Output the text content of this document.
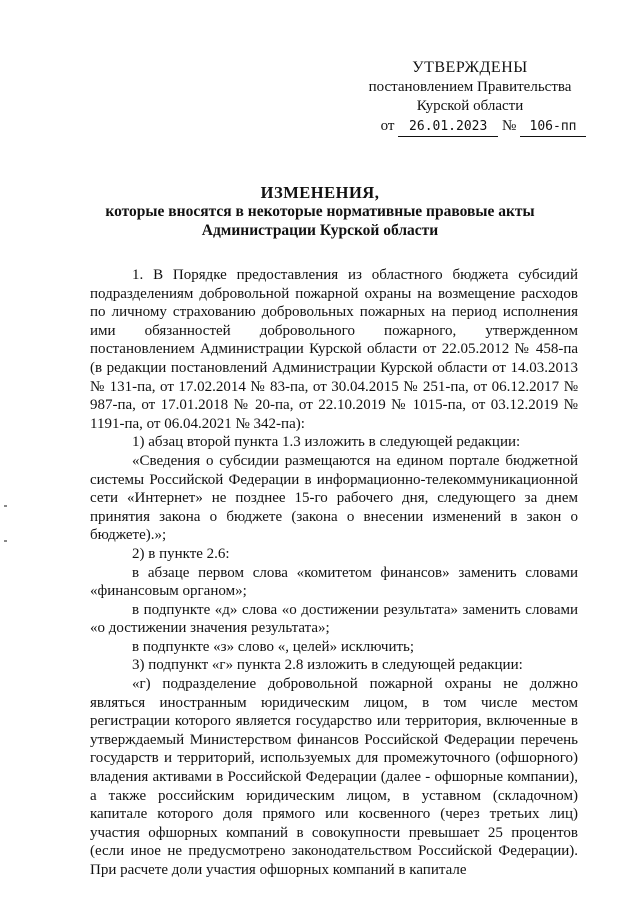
УТВЕРЖДЕНЫ
постановлением Правительства
Курской области
от 26.01.2023 № 106-пп
ИЗМЕНЕНИЯ,
которые вносятся в некоторые нормативные правовые акты
Администрации Курской области

1. В Порядке предоставления из областного бюджета субсидий подразделениям добровольной пожарной охраны на возмещение расходов по личному страхованию добровольных пожарных на период исполнения ими обязанностей добровольного пожарного, утвержденном постановлением Администрации Курской области от 22.05.2012 № 458-па (в редакции постановлений Администрации Курской области от 14.03.2013 № 131-па, от 17.02.2014 № 83-па, от 30.04.2015 № 251-па, от 06.12.2017 № 987-па, от 17.01.2018 № 20-па, от 22.10.2019 № 1015-па, от 03.12.2019 № 1191-па, от 06.04.2021 № 342-па):

1) абзац второй пункта 1.3 изложить в следующей редакции:

«Сведения о субсидии размещаются на едином портале бюджетной системы Российской Федерации в информационно-телекоммуникационной сети «Интернет» не позднее 15-го рабочего дня, следующего за днем принятия закона о бюджете (закона о внесении изменений в закон о бюджете).»;

2) в пункте 2.6:

в абзаце первом слова «комитетом финансов» заменить словами «финансовым органом»;

в подпункте «д» слова «о достижении результата» заменить словами «о достижении значения результата»;

в подпункте «з» слово «, целей» исключить;

3) подпункт «г» пункта 2.8 изложить в следующей редакции:

«г) подразделение добровольной пожарной охраны не должно являться иностранным юридическим лицом, в том числе местом регистрации которого является государство или территория, включенные в утверждаемый Министерством финансов Российской Федерации перечень государств и территорий, используемых для промежуточного (офшорного) владения активами в Российской Федерации (далее - офшорные компании), а также российским юридическим лицом, в уставном (складочном) капитале которого доля прямого или косвенного (через третьих лиц) участия офшорных компаний в совокупности превышает 25 процентов (если иное не предусмотрено законодательством Российской Федерации). При расчете доли участия офшорных компаний в капитале
